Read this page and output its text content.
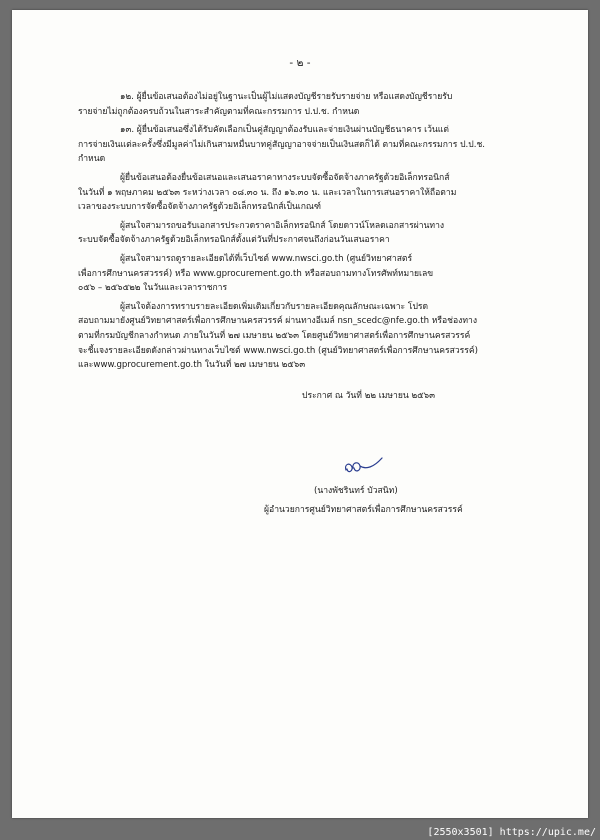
- ๒ -

๑๒. ผู้ยื่นข้อเสนอต้องไม่อยู่ในฐานะเป็นผู้ไม่แสดงบัญชีรายรับรายจ่าย หรือแสดงบัญชีรายรับ
รายจ่ายไม่ถูกต้องครบถ้วนในสาระสำคัญตามที่คณะกรรมการ ป.ป.ช. กำหนด

๑๓. ผู้ยื่นข้อเสนอซึ่งได้รับคัดเลือกเป็นคู่สัญญาต้องรับและจ่ายเงินผ่านบัญชีธนาคาร เว้นแต่
การจ่ายเงินแต่ละครั้งซึ่งมีมูลค่าไม่เกินสามหมื่นบาทคู่สัญญาอาจจ่ายเป็นเงินสดก็ได้ ตามที่คณะกรรมการ ป.ป.ช.
กำหนด

ผู้ยื่นข้อเสนอต้องยื่นข้อเสนอและเสนอราคาทางระบบจัดซื้อจัดจ้างภาครัฐด้วยอิเล็กทรอนิกส์
ในวันที่ ๑ พฤษภาคม ๒๕๖๓ ระหว่างเวลา ๐๘.๓๐ น. ถึง ๑๖.๓๐ น. และเวลาในการเสนอราคาให้ถือตาม
เวลาของระบบการจัดซื้อจัดจ้างภาครัฐด้วยอิเล็กทรอนิกส์เป็นเกณฑ์

ผู้สนใจสามารถขอรับเอกสารประกวดราคาอิเล็กทรอนิกส์ โดยดาวน์โหลดเอกสารผ่านทาง
ระบบจัดซื้อจัดจ้างภาครัฐด้วยอิเล็กทรอนิกส์ตั้งแต่วันที่ประกาศจนถึงก่อนวันเสนอราคา

ผู้สนใจสามารถดูรายละเอียดได้ที่เว็บไซต์ www.nwsci.go.th (ศูนย์วิทยาศาสตร์
เพื่อการศึกษานครสวรรค์) หรือ www.gprocurement.go.th หรือสอบถามทางโทรศัพท์หมายเลข
๐๕๖ – ๒๕๖๕๒๒ ในวันและเวลาราชการ

ผู้สนใจต้องการทราบรายละเอียดเพิ่มเติมเกี่ยวกับรายละเอียดคุณลักษณะเฉพาะ โปรด
สอบถามมายังศูนย์วิทยาศาสตร์เพื่อการศึกษานครสวรรค์ ผ่านทางอีเมล์ nsn_scedc@nfe.go.th หรือช่องทาง
ตามที่กรมบัญชีกลางกำหนด ภายในวันที่ ๒๗ เมษายน ๒๕๖๓ โดยศูนย์วิทยาศาสตร์เพื่อการศึกษานครสวรรค์
จะชี้แจงรายละเอียดดังกล่าวผ่านทางเว็บไซต์ www.nwsci.go.th (ศูนย์วิทยาศาสตร์เพื่อการศึกษานครสวรรค์)
และwww.gprocurement.go.th ในวันที่ ๒๗ เมษายน ๒๕๖๓

ประกาศ ณ วันที่ ๒๒ เมษายน ๒๕๖๓
(นางพัชรินทร์ บัวสนิท)
ผู้อำนวยการศูนย์วิทยาศาสตร์เพื่อการศึกษานครสวรรค์
[2550x3501] https://upic.me/
